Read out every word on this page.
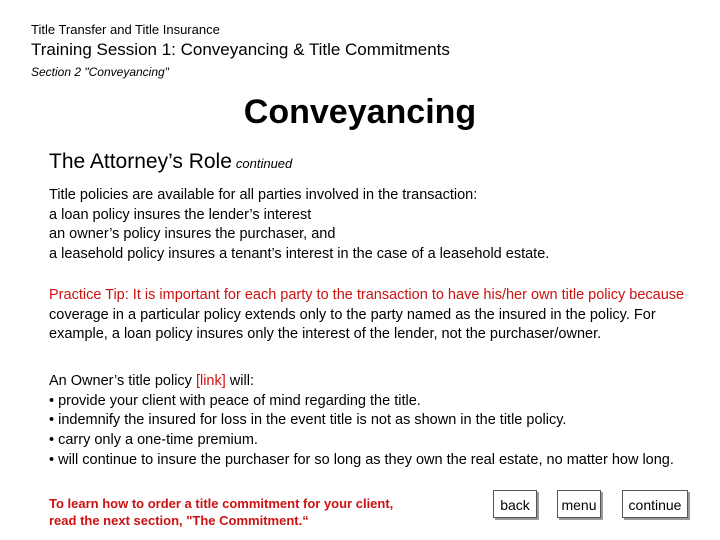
Title Transfer and Title Insurance
Training Session 1: Conveyancing & Title Commitments
Section 2 "Conveyancing"
Conveyancing
The Attorney’s Role continued
Title policies are available for all parties involved in the transaction:
a loan policy insures the lender’s interest
an owner’s policy insures the purchaser, and
a leasehold policy insures a tenant’s interest in the case of a leasehold estate.
Practice Tip: It is important for each party to the transaction to have his/her own title policy because coverage in a particular policy extends only to the party named as the insured in the policy. For example, a loan policy insures only the interest of the lender, not the purchaser/owner.
An Owner’s title policy [link] will:
• provide your client with peace of mind regarding the title.
• indemnify the insured for loss in the event title is not as shown in the title policy.
• carry only a one-time premium.
• will continue to insure the purchaser for so long as they own the real estate, no matter how long.
To learn how to order a title commitment for your client,
read the next section, "The Commitment.“
back	menu	continue
